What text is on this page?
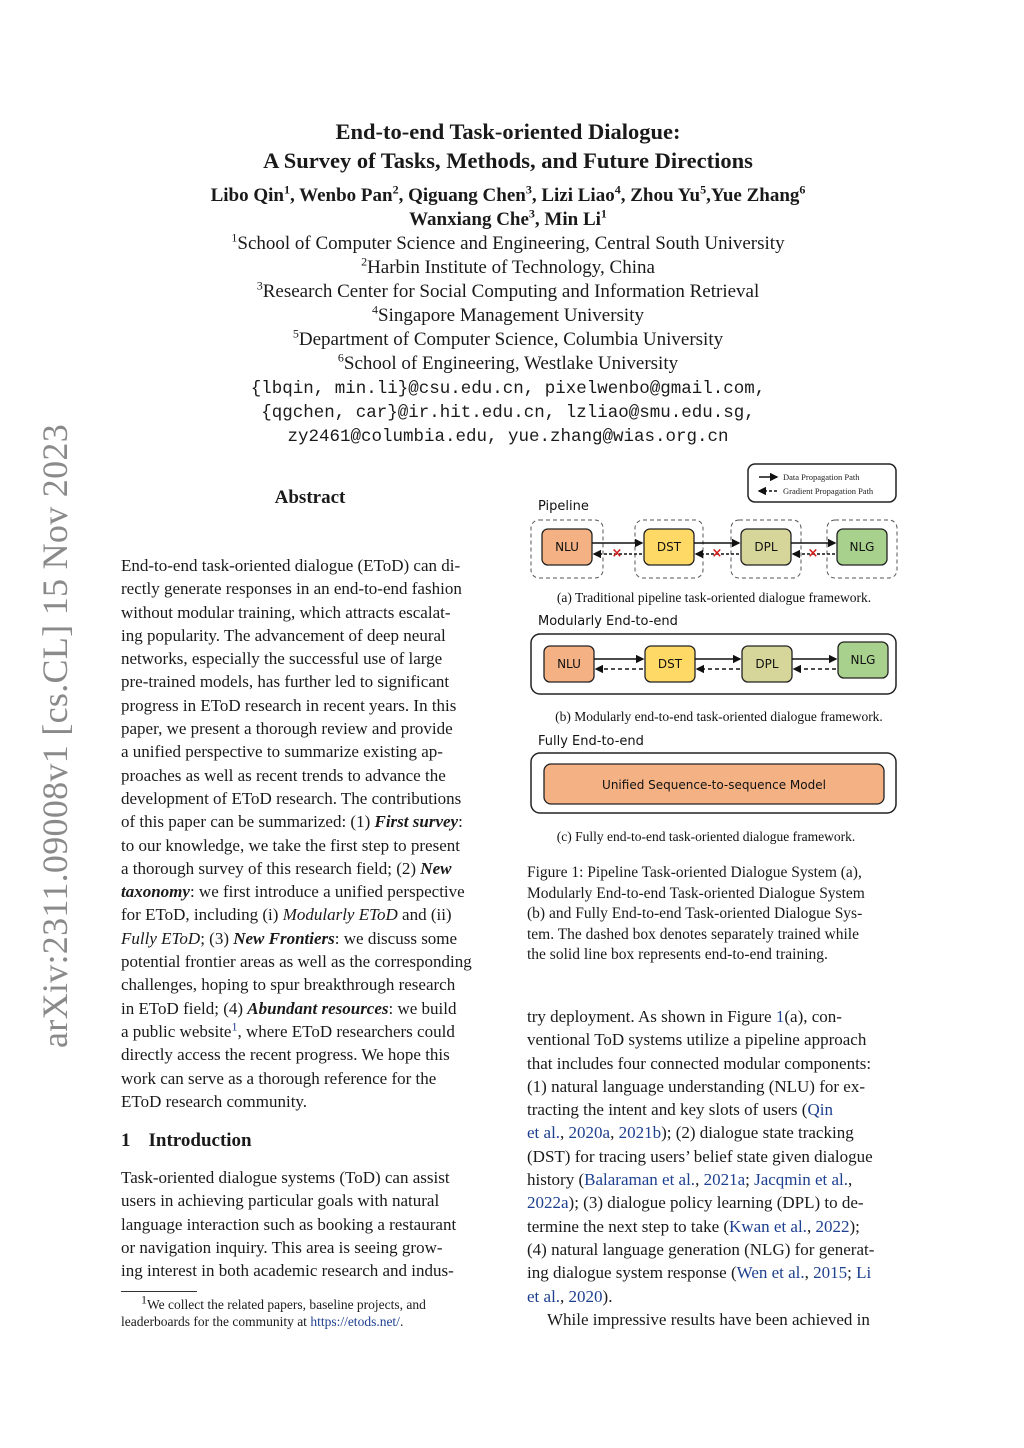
End-to-end Task-oriented Dialogue:
A Survey of Tasks, Methods, and Future Directions
Libo Qin$^1$, Wenbo Pan$^2$, Qiguang Chen$^3$, Lizi Liao$^4$, Zhou Yu$^5$,Yue Zhang$^6$
Wanxiang Che$^3$, Min Li$^1$
$^1$School of Computer Science and Engineering, Central South University
$^2$Harbin Institute of Technology, China
$^3$Research Center for Social Computing and Information Retrieval
$^4$Singapore Management University
$^5$Department of Computer Science, Columbia University
$^6$School of Engineering, Westlake University
{lbqin, min.li}@csu.edu.cn, pixelwenbo@gmail.com,
{qgchen, car}@ir.hit.edu.cn, lzliao@smu.edu.sg,
zy2461@columbia.edu, yue.zhang@wias.org.cn
arXiv:2311.09008v1 [cs.CL] 15 Nov 2023	Abstract
End-to-end task-oriented dialogue (EToD) can di-
rectly generate responses in an end-to-end fashion
without modular training, which attracts escalat-
ing popularity. The advancement of deep neural
networks, especially the successful use of large
pre-trained models, has further led to significant
progress in EToD research in recent years. In this
paper, we present a thorough review and provide
a unified perspective to summarize existing ap-
proaches as well as recent trends to advance the
development of EToD research. The contributions
of this paper can be summarized: (1) First survey:
to our knowledge, we take the first step to present
a thorough survey of this research field; (2) New
taxonomy: we first introduce a unified perspective
for EToD, including (i) Modularly EToD and (ii)
Fully EToD; (3) New Frontiers: we discuss some
potential frontier areas as well as the corresponding
challenges, hoping to spur breakthrough research
in EToD field; (4) Abundant resources: we build
a public website$^1$, where EToD researchers could
directly access the recent progress. We hope this
work can serve as a thorough reference for the
EToD research community.
1 Introduction
Task-oriented dialogue systems (ToD) can assist
users in achieving particular goals with natural
language interaction such as booking a restaurant
or navigation inquiry. This area is seeing grow-
ing interest in both academic research and indus-
$^1$We collect the related papers, baseline projects, and
leaderboards for the community at https://etods.net/.
Data Propagation Path
Gradient Propagation Path
Pipeline
NLU	DST	DPL	NLG
×	×	×
(a) Traditional pipeline task-oriented dialogue framework.
Modularly End-to-end
NLU	DST	DPL	NLG
(b) Modularly end-to-end task-oriented dialogue framework.
Fully End-to-end
Unified Sequence-to-sequence Model
(c) Fully end-to-end task-oriented dialogue framework.
Figure 1: Pipeline Task-oriented Dialogue System (a),
Modularly End-to-end Task-oriented Dialogue System
(b) and Fully End-to-end Task-oriented Dialogue Sys-
tem. The dashed box denotes separately trained while
the solid line box represents end-to-end training.
try deployment. As shown in Figure 1(a), con-
ventional ToD systems utilize a pipeline approach
that includes four connected modular components:
(1) natural language understanding (NLU) for ex-
tracting the intent and key slots of users (Qin
et al., 2020a, 2021b); (2) dialogue state tracking
(DST) for tracing users’ belief state given dialogue
history (Balaraman et al., 2021a; Jacqmin et al.,
2022a); (3) dialogue policy learning (DPL) to de-
termine the next step to take (Kwan et al., 2022);
(4) natural language generation (NLG) for generat-
ing dialogue system response (Wen et al., 2015; Li
et al., 2020).
While impressive results have been achieved in
